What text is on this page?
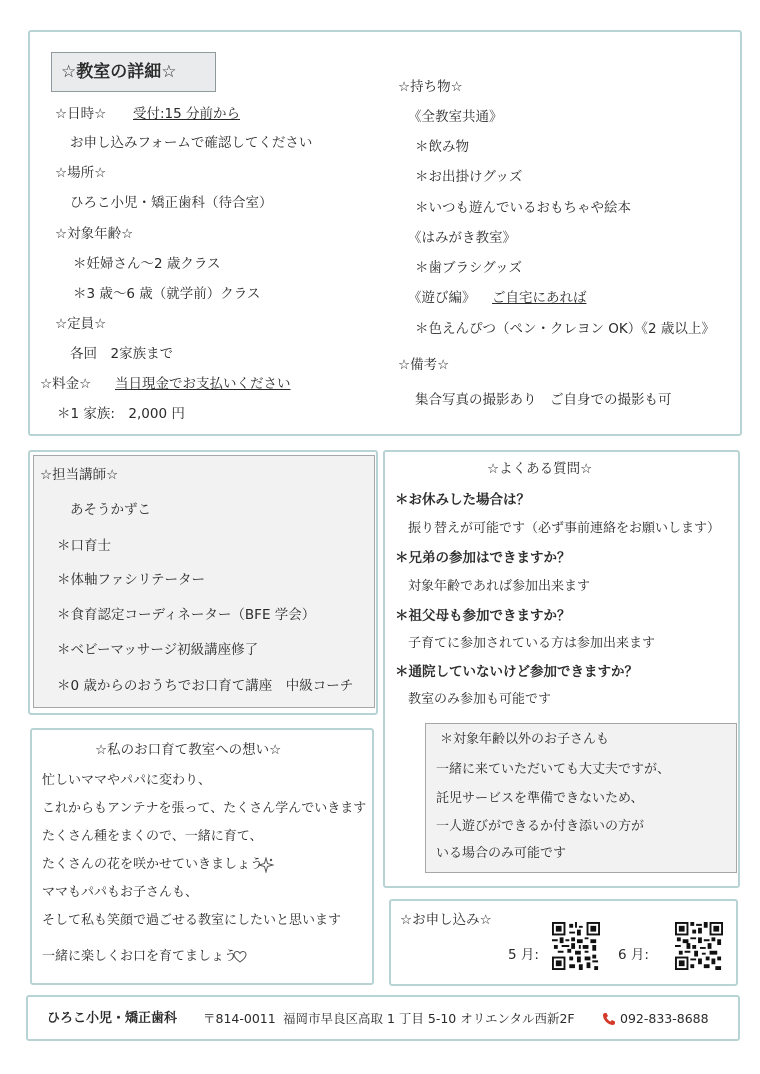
☆教室の詳細☆
☆日時☆ 受付:15 分前から
お申し込みフォームで確認してください
☆場所☆
ひろこ小児・矯正歯科（待合室）
☆対象年齢☆
＊妊婦さん～2 歳クラス
＊3 歳～6 歳（就学前）クラス
☆定員☆
各回　2家族まで
☆料金☆ 当日現金でお支払いください
＊1 家族:　2,000 円
☆持ち物☆
《全教室共通》
＊飲み物
＊お出掛けグッズ
＊いつも遊んでいるおもちゃや絵本
《はみがき教室》
＊歯ブラシグッズ
《遊び編》 ご自宅にあれば
＊色えんぴつ（ペン・クレヨン OK）《2 歳以上》
☆備考☆
集合写真の撮影あり　ご自身での撮影も可
☆担当講師☆
あそうかずこ
＊口育士
＊体軸ファシリテーター
＊食育認定コーディネーター（BFE 学会）
＊ベビーマッサージ初級講座修了
＊0 歳からのおうちでお口育て講座　中級コーチ
☆私のお口育て教室への想い☆
忙しいママやパパに変わり、
これからもアンテナを張って、たくさん学んでいきます
たくさん種をまくので、一緒に育て、
たくさんの花を咲かせていきましょう
ママもパパもお子さんも、
そして私も笑顔で過ごせる教室にしたいと思います
一緒に楽しくお口を育てましょう
☆よくある質問☆
＊お休みした場合は？
振り替えが可能です（必ず事前連絡をお願いします）
＊兄弟の参加はできますか？
対象年齢であれば参加出来ます
＊祖父母も参加できますか？
子育てに参加されている方は参加出来ます
＊通院していないけど参加できますか？
教室のみ参加も可能です
＊対象年齢以外のお子さんも
一緒に来ていただいても大丈夫ですが、
託児サービスを準備できないため、
一人遊びができるか付き添いの方が
いる場合のみ可能です
☆お申し込み☆
5 月:	6 月:
ひろこ小児・矯正歯科 〒814-0011 福岡市早良区高取 1 丁目 5-10 オリエンタル西新2F	092-833-8688
